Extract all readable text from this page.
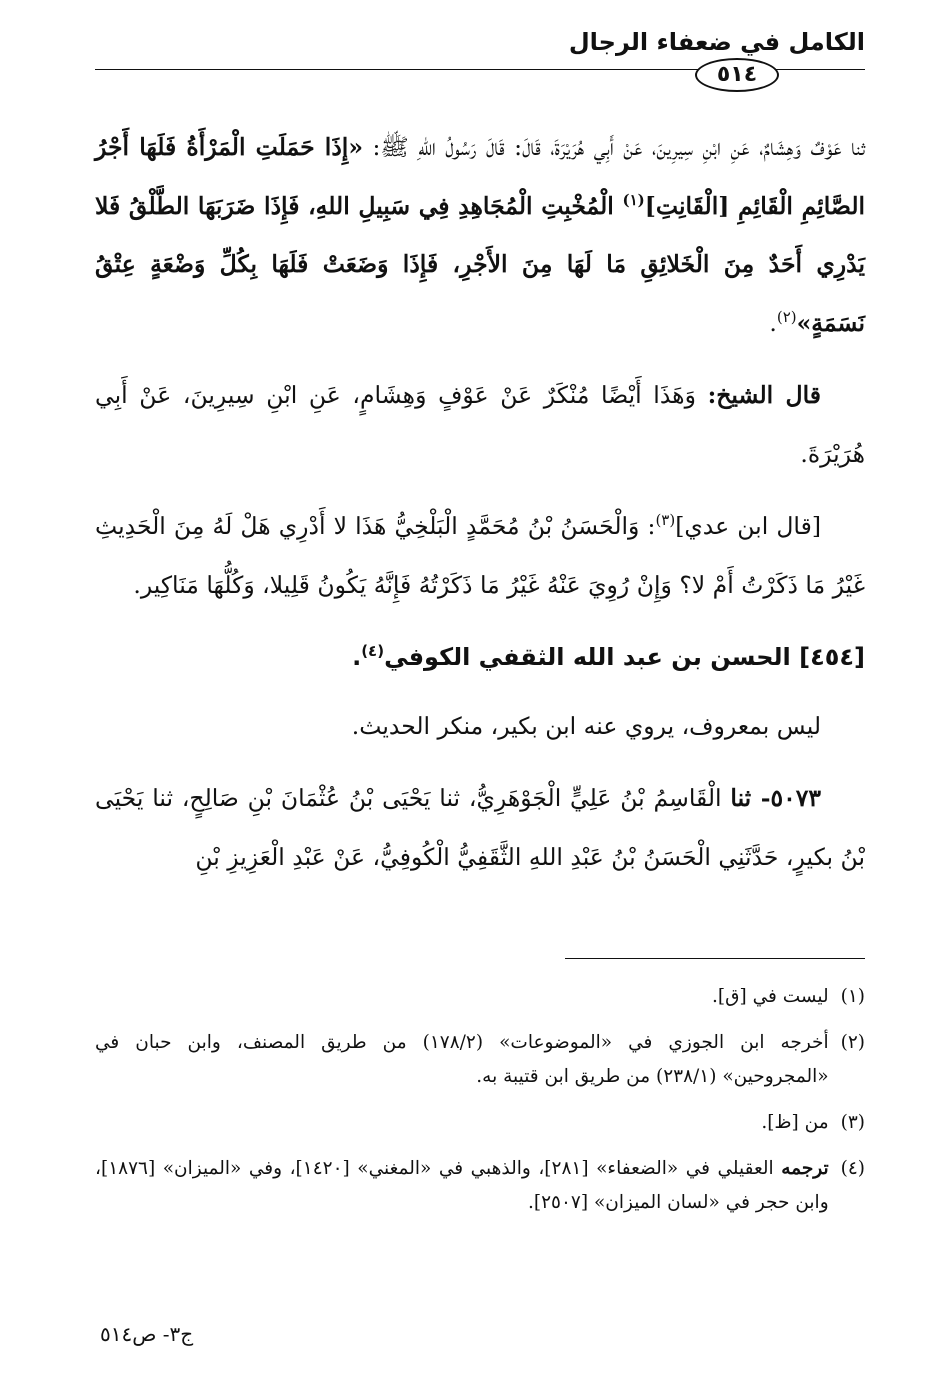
الكامل في ضعفاء الرجال
٥١٤

ثنا عَوْفٌ وَهِشَامٌ، عَنِ ابْنِ سِيرِينَ، عَنْ أَبِي هُرَيْرَةَ، قَالَ: قَالَ رَسُولُ اللهِ ﷺ: «إِذَا حَمَلَتِ الْمَرْأَةُ فَلَهَا أَجْرُ الصَّائِمِ الْقَائِمِ [الْقَانِتِ]$^{(١)}$ الْمُخْبِتِ الْمُجَاهِدِ فِي سَبِيلِ اللهِ، فَإِذَا ضَرَبَهَا الطَّلْقُ فَلا يَدْرِي أَحَدٌ مِنَ الْخَلائِقِ مَا لَهَا مِنَ الأَجْرِ، فَإِذَا وَضَعَتْ فَلَهَا بِكُلِّ وَضْعَةٍ عِتْقُ نَسَمَةٍ»$^{(٢)}$.

قال الشيخ: وَهَذَا أَيْضًا مُنْكَرٌ عَنْ عَوْفٍ وَهِشَامٍ، عَنِ ابْنِ سِيرِينَ، عَنْ أَبِي هُرَيْرَةَ.

[قال ابن عدي]$^{(٣)}$: وَالْحَسَنُ بْنُ مُحَمَّدٍ الْبَلْخِيُّ هَذَا لا أَدْرِي هَلْ لَهُ مِنَ الْحَدِيثِ غَيْرُ مَا ذَكَرْتُ أَمْ لا؟ وَإِنْ رُوِيَ عَنْهُ غَيْرُ مَا ذَكَرْتُهُ فَإِنَّهُ يَكُونُ قَلِيلا، وَكُلُّهَا مَنَاكِير.

[٤٥٤] الحسن بن عبد الله الثقفي الكوفي$^{(٤)}$.

ليس بمعروف، يروي عنه ابن بكير، منكر الحديث.

٥٠٧٣- ثنا الْقَاسِمُ بْنُ عَلِيٍّ الْجَوْهَرِيُّ، ثنا يَحْيَى بْنُ عُثْمَانَ بْنِ صَالِحٍ، ثنا يَحْيَى بْنُ بكيرٍ، حَدَّثَنِي الْحَسَنُ بْنُ عَبْدِ اللهِ الثَّقَفِيُّ الْكُوفِيُّ، عَنْ عَبْدِ الْعَزِيزِ بْنِ

(١)
ليست في [ق].
(٢)
أخرجه ابن الجوزي في «الموضوعات» (١٧٨/٢) من طريق المصنف، وابن حبان في «المجروحين» (٢٣٨/١) من طريق ابن قتيبة به.
(٣)
من [ظ].
(٤)
ترجمه العقيلي في «الضعفاء» [٢٨١]، والذهبي في «المغني» [١٤٢٠]، وفي «الميزان» [١٨٧٦]، وابن حجر في «لسان الميزان» [٢٥٠٧].
ج٣- ص٥١٤
